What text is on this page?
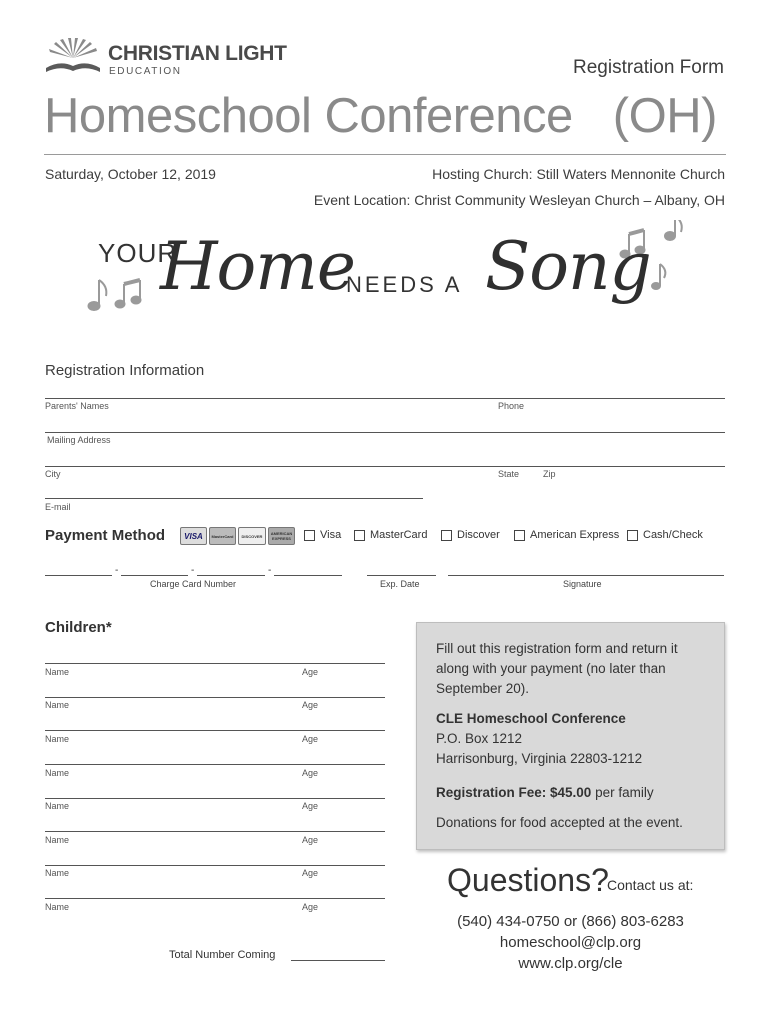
CHRISTIAN LIGHT
EDUCATION	Registration Form
Homeschool Conference (OH)
Saturday, October 12, 2019	Hosting Church: Still Waters Mennonite Church
Event Location: Christ Community Wesleyan Church – Albany, OH
YOUR
Home
NEEDS A Song
Registration Information
Parents' Names	Phone
Mailing Address
City	State	Zip
E-mail
Payment Method	VISA	MasterCard	DISCOVER	AMERICAN EXPRESS	Visa	MasterCard	Discover	American Express Cash/Check
-	-	-
Charge Card Number	Exp. Date	Signature
Children*
Name	Age
Name	Age
Name	Age
Name	Age
Name	Age
Name	Age
Name	Age
Name	Age
Total Number Coming

Fill out this registration form and return it along with your payment (no later than September 20).

CLE Homeschool Conference
P.O. Box 1212
Harrisonburg, Virginia 22803-1212
Registration Fee: $45.00 per family
Donations for food accepted at the event.
Questions?
Contact us at:
(540) 434-0750 or (866) 803-6283
homeschool@clp.org
www.clp.org/cle
